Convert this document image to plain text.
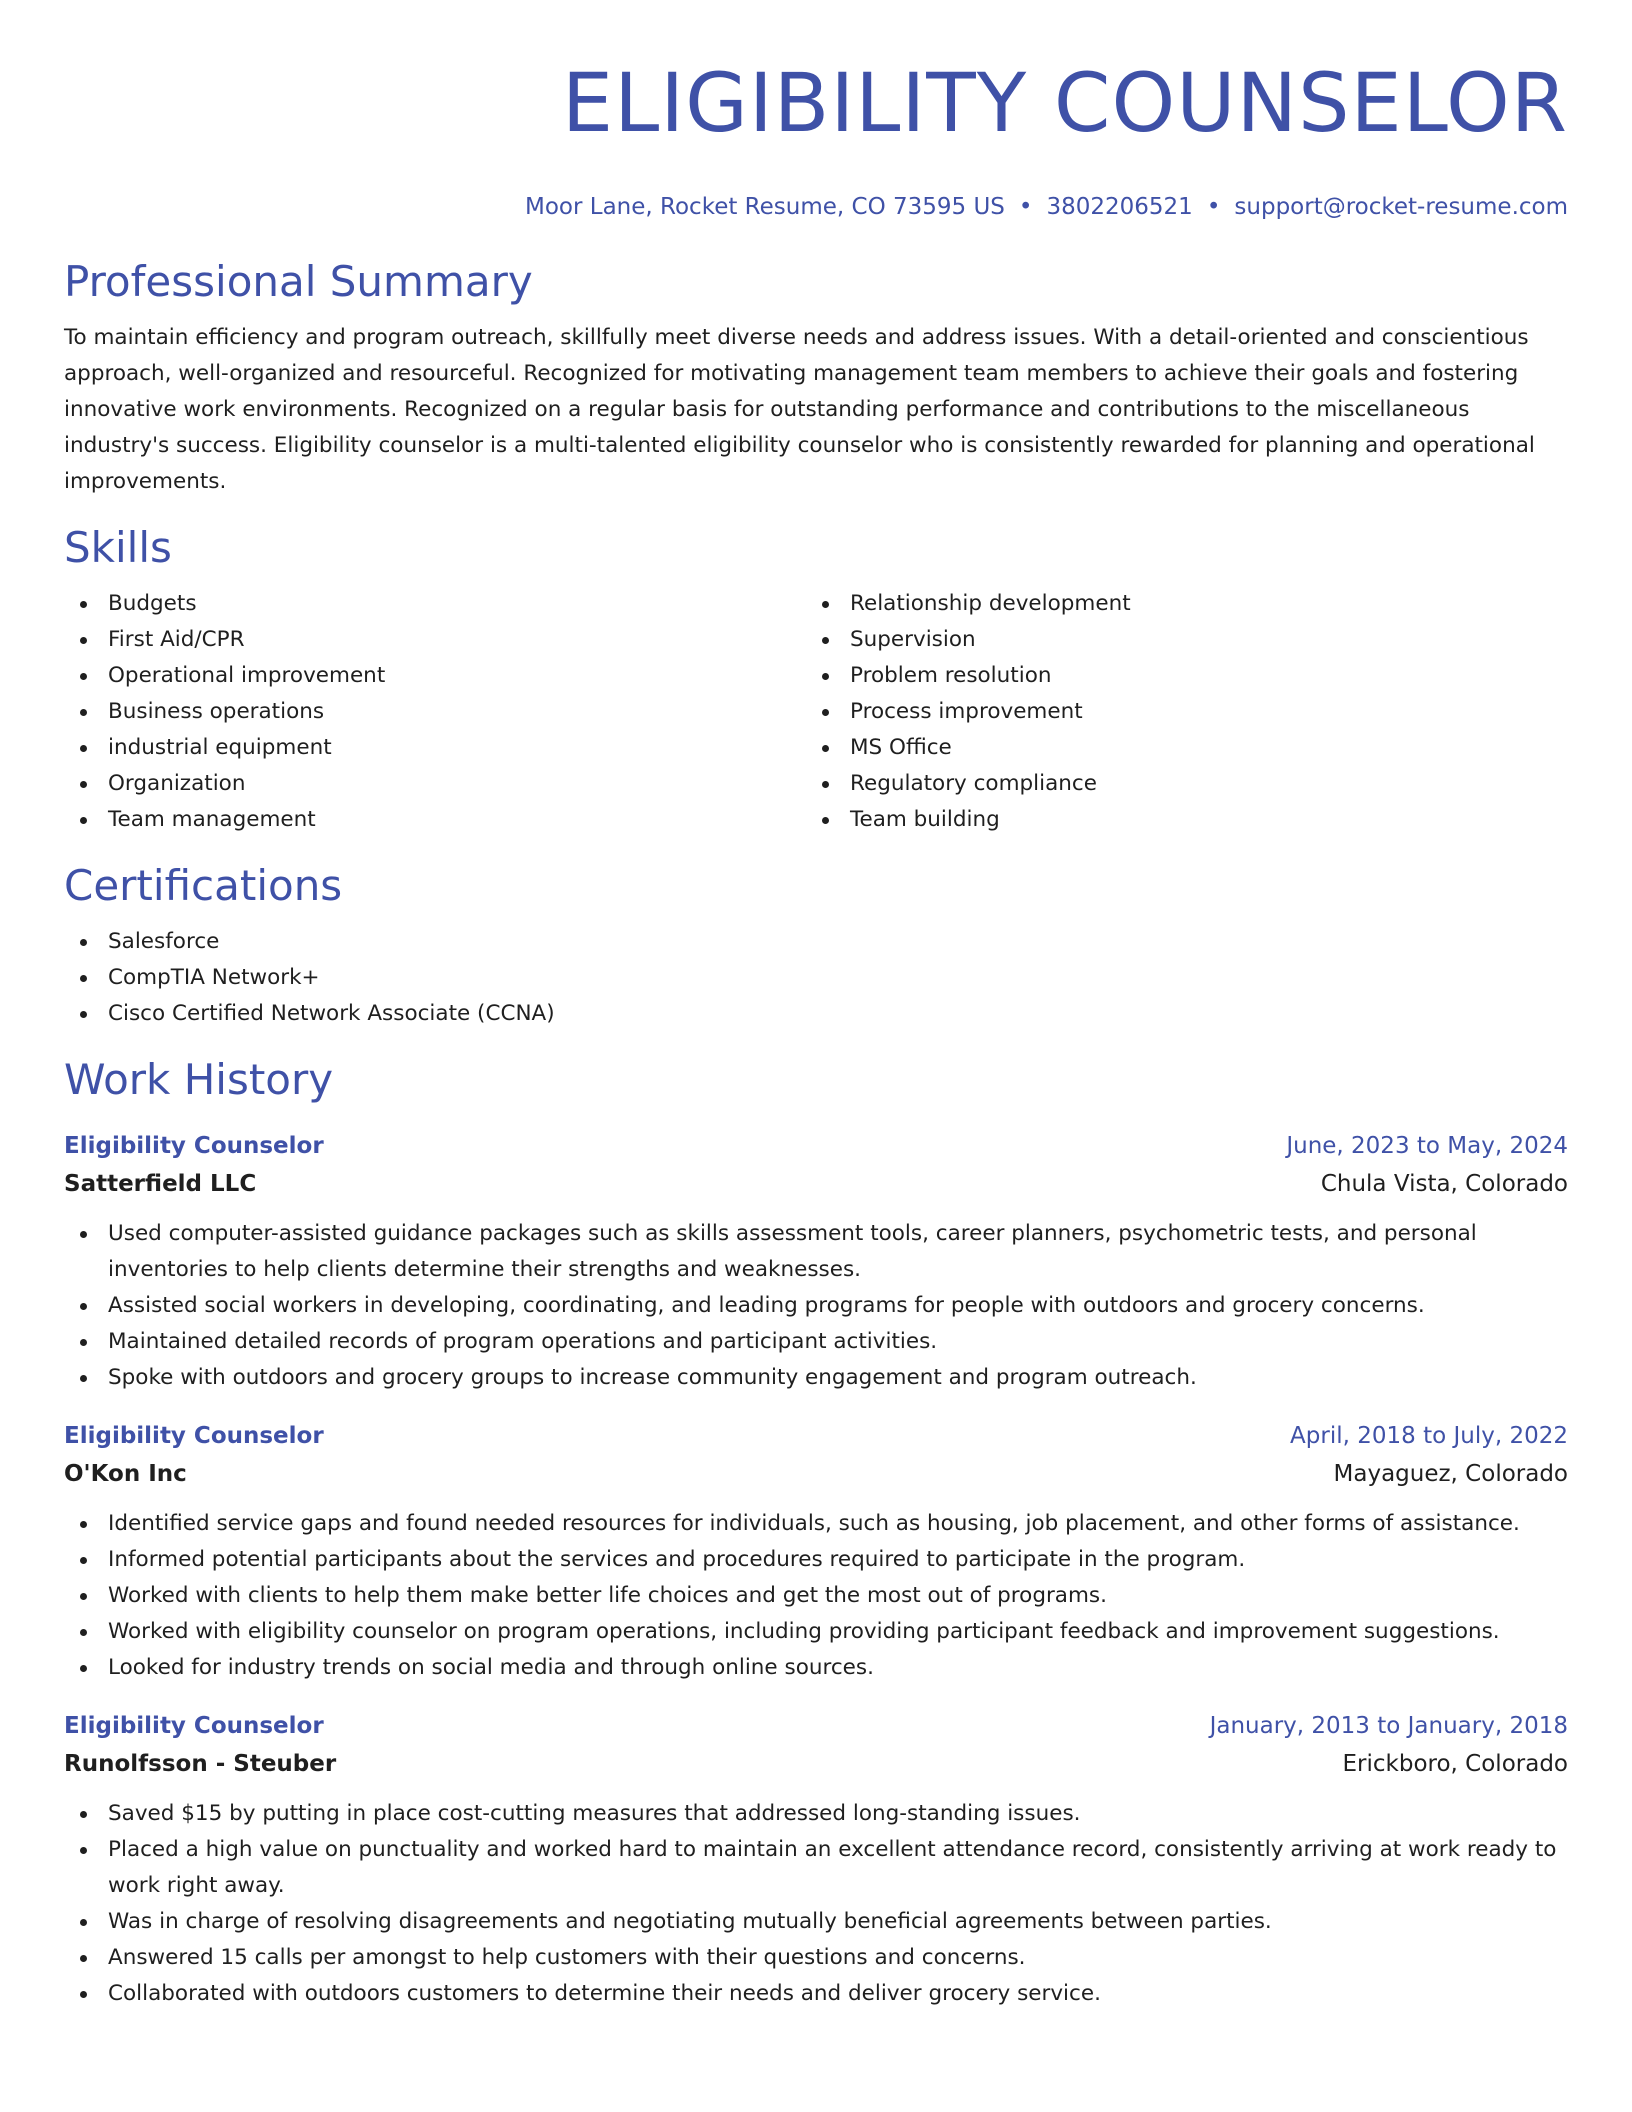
ELIGIBILITY COUNSELOR
Moor Lane, Rocket Resume, CO 73595 US • 3802206521 • support@rocket-resume.com
Professional Summary

To maintain efficiency and program outreach, skillfully meet diverse needs and address issues. With a detail-oriented and conscientious approach, well-organized and resourceful. Recognized for motivating management team members to achieve their goals and fostering innovative work environments. Recognized on a regular basis for outstanding performance and contributions to the miscellaneous industry's success. Eligibility counselor is a multi-talented eligibility counselor who is consistently rewarded for planning and operational improvements.

Skills
Budgets
First Aid/CPR
Operational improvement
Business operations
industrial equipment
Organization
Team management
Relationship development
Supervision
Problem resolution
Process improvement
MS Office
Regulatory compliance
Team building
Certifications
Salesforce
CompTIA Network+
Cisco Certified Network Associate (CCNA)
Work History
Eligibility Counselor	June, 2023 to May, 2024
Satterfield LLC	Chula Vista, Colorado
Used computer-assisted guidance packages such as skills assessment tools, career planners, psychometric tests, and personal inventories to help clients determine their strengths and weaknesses.
Assisted social workers in developing, coordinating, and leading programs for people with outdoors and grocery concerns.
Maintained detailed records of program operations and participant activities.
Spoke with outdoors and grocery groups to increase community engagement and program outreach.
Eligibility Counselor	April, 2018 to July, 2022
O'Kon Inc	Mayaguez, Colorado
Identified service gaps and found needed resources for individuals, such as housing, job placement, and other forms of assistance.
Informed potential participants about the services and procedures required to participate in the program.
Worked with clients to help them make better life choices and get the most out of programs.
Worked with eligibility counselor on program operations, including providing participant feedback and improvement suggestions.
Looked for industry trends on social media and through online sources.
Eligibility Counselor	January, 2013 to January, 2018
Runolfsson - Steuber	Erickboro, Colorado
Saved $15 by putting in place cost-cutting measures that addressed long-standing issues.
Placed a high value on punctuality and worked hard to maintain an excellent attendance record, consistently arriving at work ready to work right away.
Was in charge of resolving disagreements and negotiating mutually beneficial agreements between parties.
Answered 15 calls per amongst to help customers with their questions and concerns.
Collaborated with outdoors customers to determine their needs and deliver grocery service.
